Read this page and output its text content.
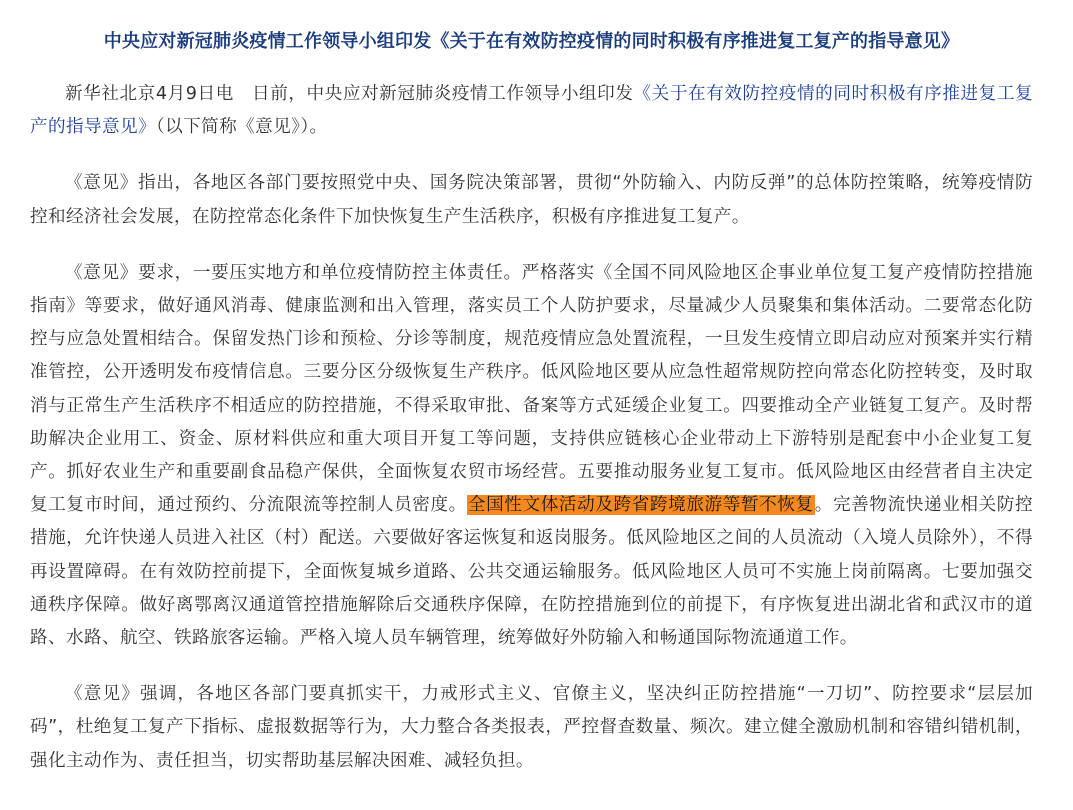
中央应对新冠肺炎疫情工作领导小组印发《关于在有效防控疫情的同时积极有序推进复工复产的指导意见》

新华社北京4月9日电　日前，中央应对新冠肺炎疫情工作领导小组印发《关于在有效防控疫情的同时积极有序推进复工复产的指导意见》（以下简称《意见》）。

《意见》指出，各地区各部门要按照党中央、国务院决策部署，贯彻“外防输入、内防反弹”的总体防控策略，统筹疫情防控和经济社会发展，在防控常态化条件下加快恢复生产生活秩序，积极有序推进复工复产。

《意见》要求，一要压实地方和单位疫情防控主体责任。严格落实《全国不同风险地区企事业单位复工复产疫情防控措施指南》等要求，做好通风消毒、健康监测和出入管理，落实员工个人防护要求，尽量减少人员聚集和集体活动。二要常态化防控与应急处置相结合。保留发热门诊和预检、分诊等制度，规范疫情应急处置流程，一旦发生疫情立即启动应对预案并实行精准管控，公开透明发布疫情信息。三要分区分级恢复生产秩序。低风险地区要从应急性超常规防控向常态化防控转变，及时取消与正常生产生活秩序不相适应的防控措施，不得采取审批、备案等方式延缓企业复工。四要推动全产业链复工复产。及时帮助解决企业用工、资金、原材料供应和重大项目开复工等问题，支持供应链核心企业带动上下游特别是配套中小企业复工复产。抓好农业生产和重要副食品稳产保供，全面恢复农贸市场经营。五要推动服务业复工复市。低风险地区由经营者自主决定复工复市时间，通过预约、分流限流等控制人员密度。全国性文体活动及跨省跨境旅游等暂不恢复。完善物流快递业相关防控措施，允许快递人员进入社区（村）配送。六要做好客运恢复和返岗服务。低风险地区之间的人员流动（入境人员除外），不得再设置障碍。在有效防控前提下，全面恢复城乡道路、公共交通运输服务。低风险地区人员可不实施上岗前隔离。七要加强交通秩序保障。做好离鄂离汉通道管控措施解除后交通秩序保障，在防控措施到位的前提下，有序恢复进出湖北省和武汉市的道路、水路、航空、铁路旅客运输。严格入境人员车辆管理，统筹做好外防输入和畅通国际物流通道工作。

《意见》强调，各地区各部门要真抓实干，力戒形式主义、官僚主义，坚决纠正防控措施“一刀切”、防控要求“层层加码”，杜绝复工复产下指标、虚报数据等行为，大力整合各类报表，严控督查数量、频次。建立健全激励机制和容错纠错机制，强化主动作为、责任担当，切实帮助基层解决困难、减轻负担。
